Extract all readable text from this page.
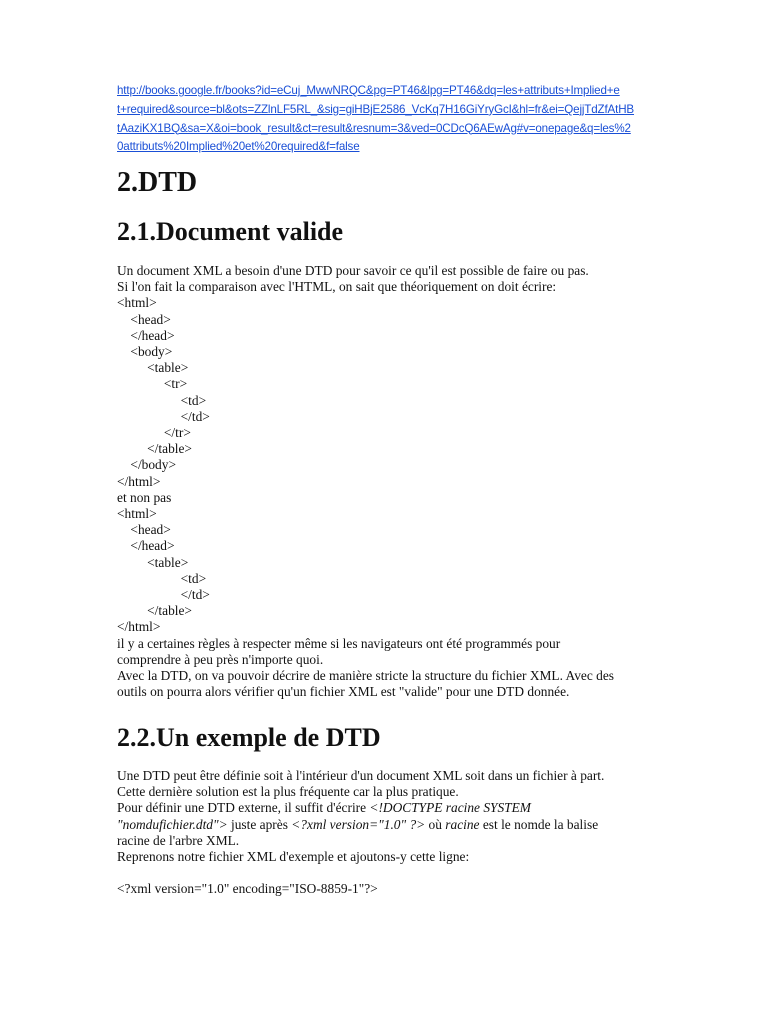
http://books.google.fr/books?id=eCuj_MwwNRQC&pg=PT46&lpg=PT46&dq=les+attributs+Implied+e
t+required&source=bl&ots=ZZlnLF5RL_&sig=giHBjE2586_VcKq7H16GiYryGcI&hl=fr&ei=QejjTdZfAtHB
tAaziKX1BQ&sa=X&oi=book_result&ct=result&resnum=3&ved=0CDcQ6AEwAg#v=onepage&q=les%2
0attributs%20Implied%20et%20required&f=false
2.DTD
2.1.Document valide
Un document XML a besoin d'une DTD pour savoir ce qu'il est possible de faire ou pas.
Si l'on fait la comparaison avec l'HTML, on sait que théoriquement on doit écrire:
<html>
<head>
</head>
<body>
<table>
<tr>
<td>
</td>
</tr>
</table>
</body>
</html>
et non pas
<html>
<head>
</head>
<table>
<td>
</td>
</table>
</html>
il y a certaines règles à respecter même si les navigateurs ont été programmés pour
comprendre à peu près n'importe quoi.
Avec la DTD, on va pouvoir décrire de manière stricte la structure du fichier XML. Avec des
outils on pourra alors vérifier qu'un fichier XML est "valide" pour une DTD donnée.
2.2.Un exemple de DTD
Une DTD peut être définie soit à l'intérieur d'un document XML soit dans un fichier à part.
Cette dernière solution est la plus fréquente car la plus pratique.
Pour définir une DTD externe, il suffit d'écrire <!DOCTYPE racine SYSTEM
"nomdufichier.dtd"> juste après <?xml version="1.0" ?> où racine est le nomde la balise
racine de l'arbre XML.
Reprenons notre fichier XML d'exemple et ajoutons-y cette ligne:

<?xml version="1.0" encoding="ISO-8859-1"?>
